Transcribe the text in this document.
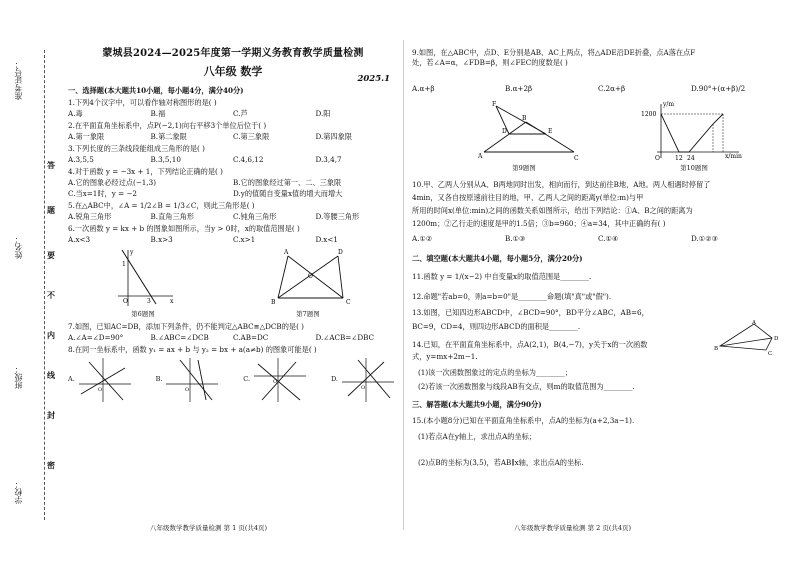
准考证号：
姓名：
班级：
学校：
答
题
要
不
内
线
封
密
蒙城县2024—2025年度第一学期义务教育教学质量检测
八年级 数学
2025.1
一、选择题(本大题共10小题，每小题4分，满分40分)
1.下列4个汉字中，可以看作轴对称图形的是( )
A.毒	B.福	C.芦	D.阳
2.在平面直角坐标系中，点P(−2,1)向右平移3个单位后位于( )
A.第一象限	B.第二象限	C.第三象限	D.第四象限
3.下列长度的三条线段能组成三角形的是( )
A.3,5,5	B.3,5,10	C.4,6,12	D.3,4,7
4.对于函数 y = −3x + 1，下列结论正确的是( )
A.它的图象必经过点(−1,3)	B.它的图象经过第一、二、三象限
C.当x=1时，y = −2	D.y的值随自变量x值的增大而增大
5.在△ABC中，∠A = 1/2∠B = 1/3∠C，则此三角形是( )
A.锐角三角形	B.直角三角形	C.钝角三角形	D.等腰三角形
6.一次函数 y = kx + b 的图象如图所示，当y > 0时，x的取值范围是( )
A.x<3	B.x>3	C.x>1	D.x<1
y
x
O	3
1
第6题图
A	D
B	C
O
第7题图
7.如图，已知AC=DB，添加下列条件，仍不能判定△ABC≌△DCB的是( )
A.∠A=∠D=90°	B.∠ABC=∠DCB	C.AB=DC	D.∠ACB=∠DBC
8.在同一坐标系中，函数 y₁ = ax + b 与 y₂ = bx + a(a≠b) 的图象可能是( )
A.
O
B.
O
C.	O	D.
O
八年级数学教学质量检测 第 1 页(共4页)
9.如图，在△ABC中，点D、E分别是AB、AC上两点，将△ADE沿DE折叠，点A落在点F
处，若∠A=α，∠FDB=β，则∠FEC的度数是( )
A.α+β	B.α+2β	C.2α+β	D.90°+(α+β)/2
F
A
B
E
D
C
第9题图
y/m
x/min
1200
O	12 24
第10题图
10.甲、乙两人分别从A、B两地同时出发，相向而行，到达前往B地，A地。两人相遇时停留了
4min，又各自按原速前往目的地，甲、乙两人之间的距离y(单位:m)与甲
所用的时间x(单位:min)之间的函数关系如图所示，给出下列结论：①A、B之间的距离为
1200m；②乙行走的速度是甲的1.5倍；③b=960；④a=34，其中正确的有( )
A.①②	B.①③	C.①④	D.①②③
二、填空题(本大题共4小题，每小题5分，满分20分)
11.函数 y = 1/(x−2) 中自变量x的取值范围是________.
12.命题"若ab=0，则a=b=0"是________命题(填"真"或"假").
13.如图，已知四边形ABCD中，∠BCD=90°，BD平分∠ABC，AB=6，
BC=9，CD=4，则四边形ABCD的面积是________.
B
A
D
C
14.已知，在平面直角坐标系中，点A(2,1)，B(4,−7)，y关于x的一次函数
式，y=mx+2m−1.
(1)该一次函数图象过的定点的坐标为________；
(2)若该一次函数图象与线段AB有交点，则m的取值范围为________.
三、解答题(本大题共9小题，满分90分)
15.(本小题8分)已知在平面直角坐标系中，点A的坐标为(a+2,3a−1).
(1)若点A在y轴上，求出点A的坐标；
(2)点B的坐标为(3,5)，若AB∥x轴，求出点A的坐标.
八年级数学教学质量检测 第 2 页(共4页)
